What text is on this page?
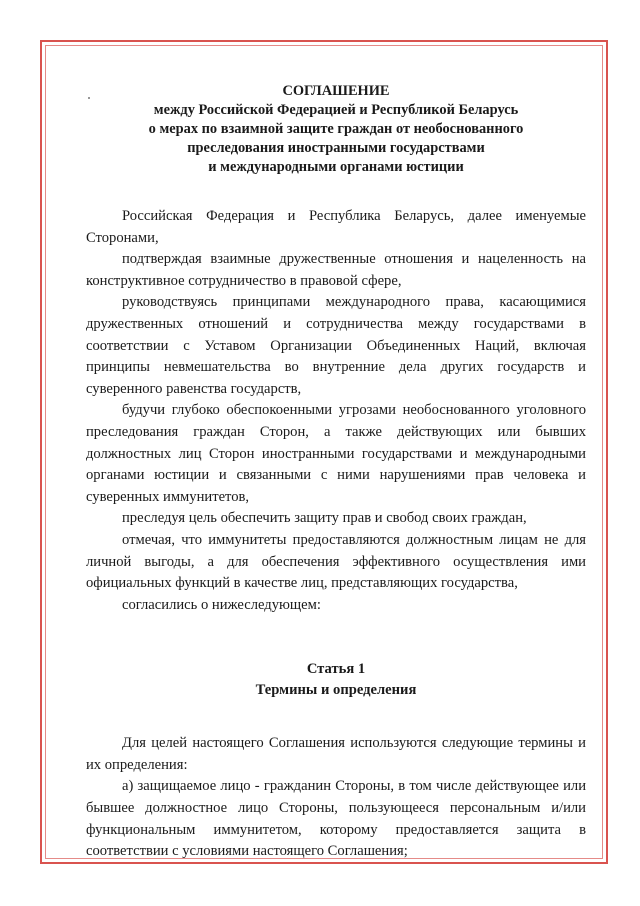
СОГЛАШЕНИЕ
между Российской Федерацией и Республикой Беларусь
о мерах по взаимной защите граждан от необоснованного
преследования иностранными государствами
и международными органами юстиции

Российская Федерация и Республика Беларусь, далее именуемые Сторонами,

подтверждая взаимные дружественные отношения и нацеленность на конструктивное сотрудничество в правовой сфере,

руководствуясь принципами международного права, касающимися дружественных отношений и сотрудничества между государствами в соответствии с Уставом Организации Объединенных Наций, включая принципы невмешательства во внутренние дела других государств и суверенного равенства государств,

будучи глубоко обеспокоенными угрозами необоснованного уголовного преследования граждан Сторон, а также действующих или бывших должностных лиц Сторон иностранными государствами и международными органами юстиции и связанными с ними нарушениями прав человека и суверенных иммунитетов,

преследуя цель обеспечить защиту прав и свобод своих граждан,

отмечая, что иммунитеты предоставляются должностным лицам не для личной выгоды, а для обеспечения эффективного осуществления ими официальных функций в качестве лиц, представляющих государства,

согласились о нижеследующем:

Статья 1
Термины и определения

Для целей настоящего Соглашения используются следующие термины и их определения:

а) защищаемое лицо - гражданин Стороны, в том числе действующее или бывшее должностное лицо Стороны, пользующееся персональным и/или функциональным иммунитетом, которому предоставляется защита в соответствии с условиями настоящего Соглашения;
